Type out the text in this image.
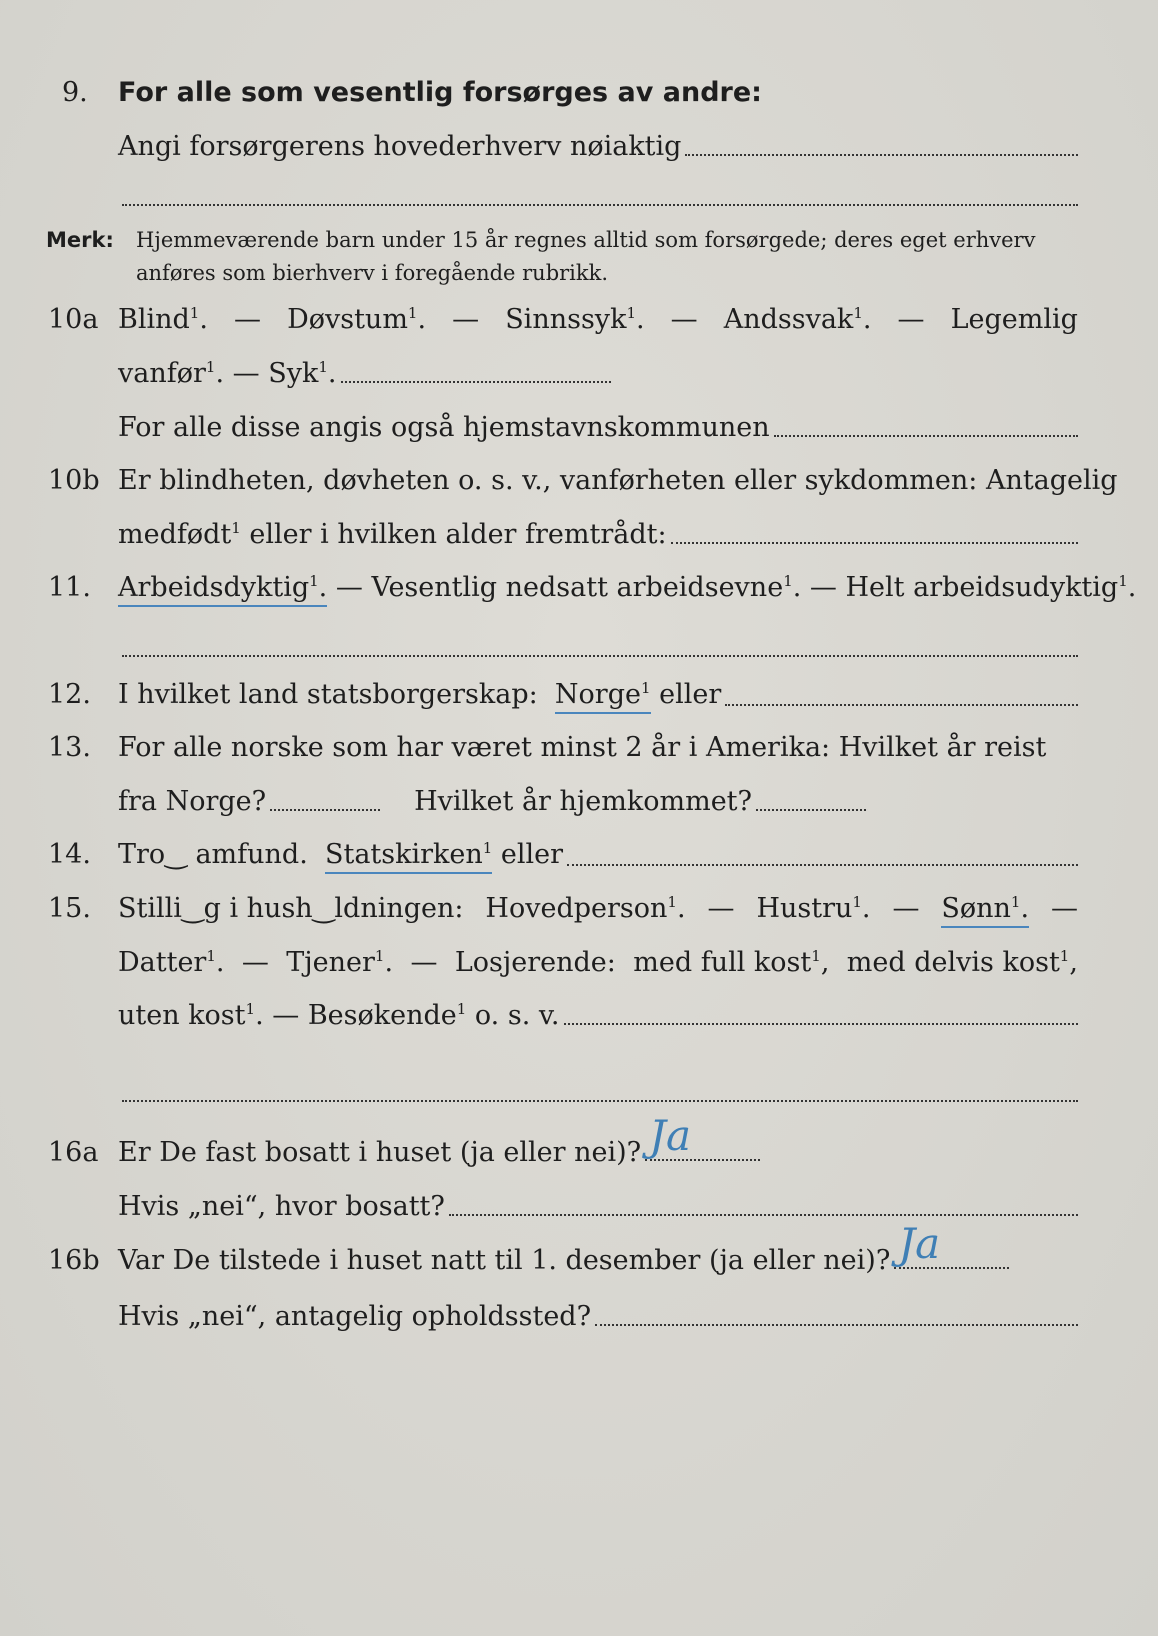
9. For alle som vesentlig forsørges av andre:
Angi forsørgerens hovederhverv nøiaktig
Merk: Hjemmeværende barn under 15 år regnes alltid som forsørgede; deres eget erhverv
anføres som bierhverv i foregående rubrikk.
10a Blind$^1$. — Døvstum$^1$. — Sinnssyk$^1$. — Andssvak$^1$. — Legemlig
vanfør$^1$.
—
Syk$^1$.
For alle disse angis også hjemstavnskommunen
10b Er blindheten, døvheten o. s. v., vanførheten eller sykdommen: Antagelig
medfødt$^1$
eller i hvilken alder fremtrådt:
11. Arbeidsdyktig$^1$.
—
Vesentlig nedsatt arbeidsevne$^1$.
—
Helt arbeidsudyktig$^1$.
12. I hvilket land statsborgerskap:
Norge$^1$
eller
13. For alle norske som har været minst 2 år i Amerika: Hvilket år reist
fra Norge?	Hvilket år hjemkommet?
14. Tro‿ amfund.
Statskirken$^1$
eller
15. Stilli‿g i hush‿ldningen: Hovedperson$^1$. — Hustru$^1$. — Sønn$^1$. —
Datter$^1$. — Tjener$^1$. — Losjerende: med full kost$^1$, med delvis kost$^1$,
uten kost$^1$.
—
Besøkende$^1$
o. s. v.
16a Er De fast bosatt i huset (ja eller nei)? Ja
Hvis „nei“, hvor bosatt?
16b Var De tilstede i huset natt til 1. desember (ja eller nei)? Ja
Hvis „nei“, antagelig opholdssted?
